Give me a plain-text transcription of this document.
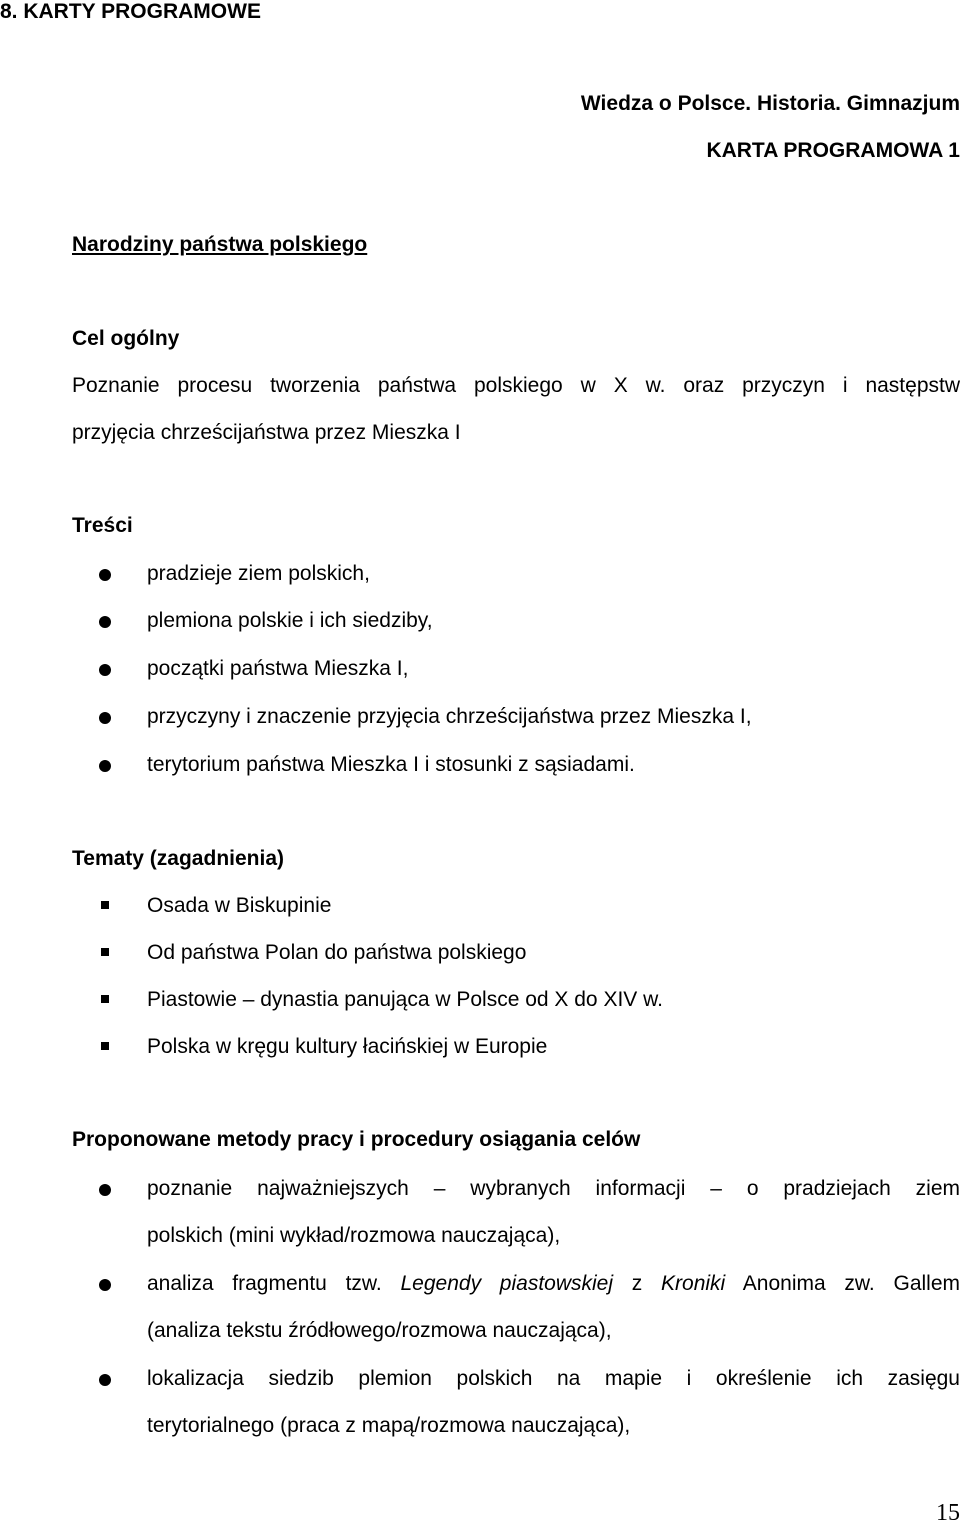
8. KARTY PROGRAMOWE
Wiedza o Polsce. Historia. Gimnazjum
KARTA PROGRAMOWA 1
Narodziny państwa polskiego
Cel ogólny
Poznanie procesu tworzenia państwa polskiego w X w. oraz przyczyn i następstw
przyjęcia chrześcijaństwa przez Mieszka I
Treści
pradzieje ziem polskich,
plemiona polskie i ich siedziby,
początki państwa Mieszka I,
przyczyny i znaczenie przyjęcia chrześcijaństwa przez Mieszka I,
terytorium państwa Mieszka I i stosunki z sąsiadami.
Tematy (zagadnienia)
Osada w Biskupinie
Od państwa Polan do państwa polskiego
Piastowie – dynastia panująca w Polsce od X do XIV w.
Polska w kręgu kultury łacińskiej w Europie
Proponowane metody pracy i procedury osiągania celów
poznanie najważniejszych – wybranych informacji – o pradziejach ziem
polskich (mini wykład/rozmowa nauczająca),
analiza fragmentu tzw. Legendy piastowskiej z Kroniki Anonima zw. Gallem
(analiza tekstu źródłowego/rozmowa nauczająca),
lokalizacja siedzib plemion polskich na mapie i określenie ich zasięgu
terytorialnego (praca z mapą/rozmowa nauczająca),
15
